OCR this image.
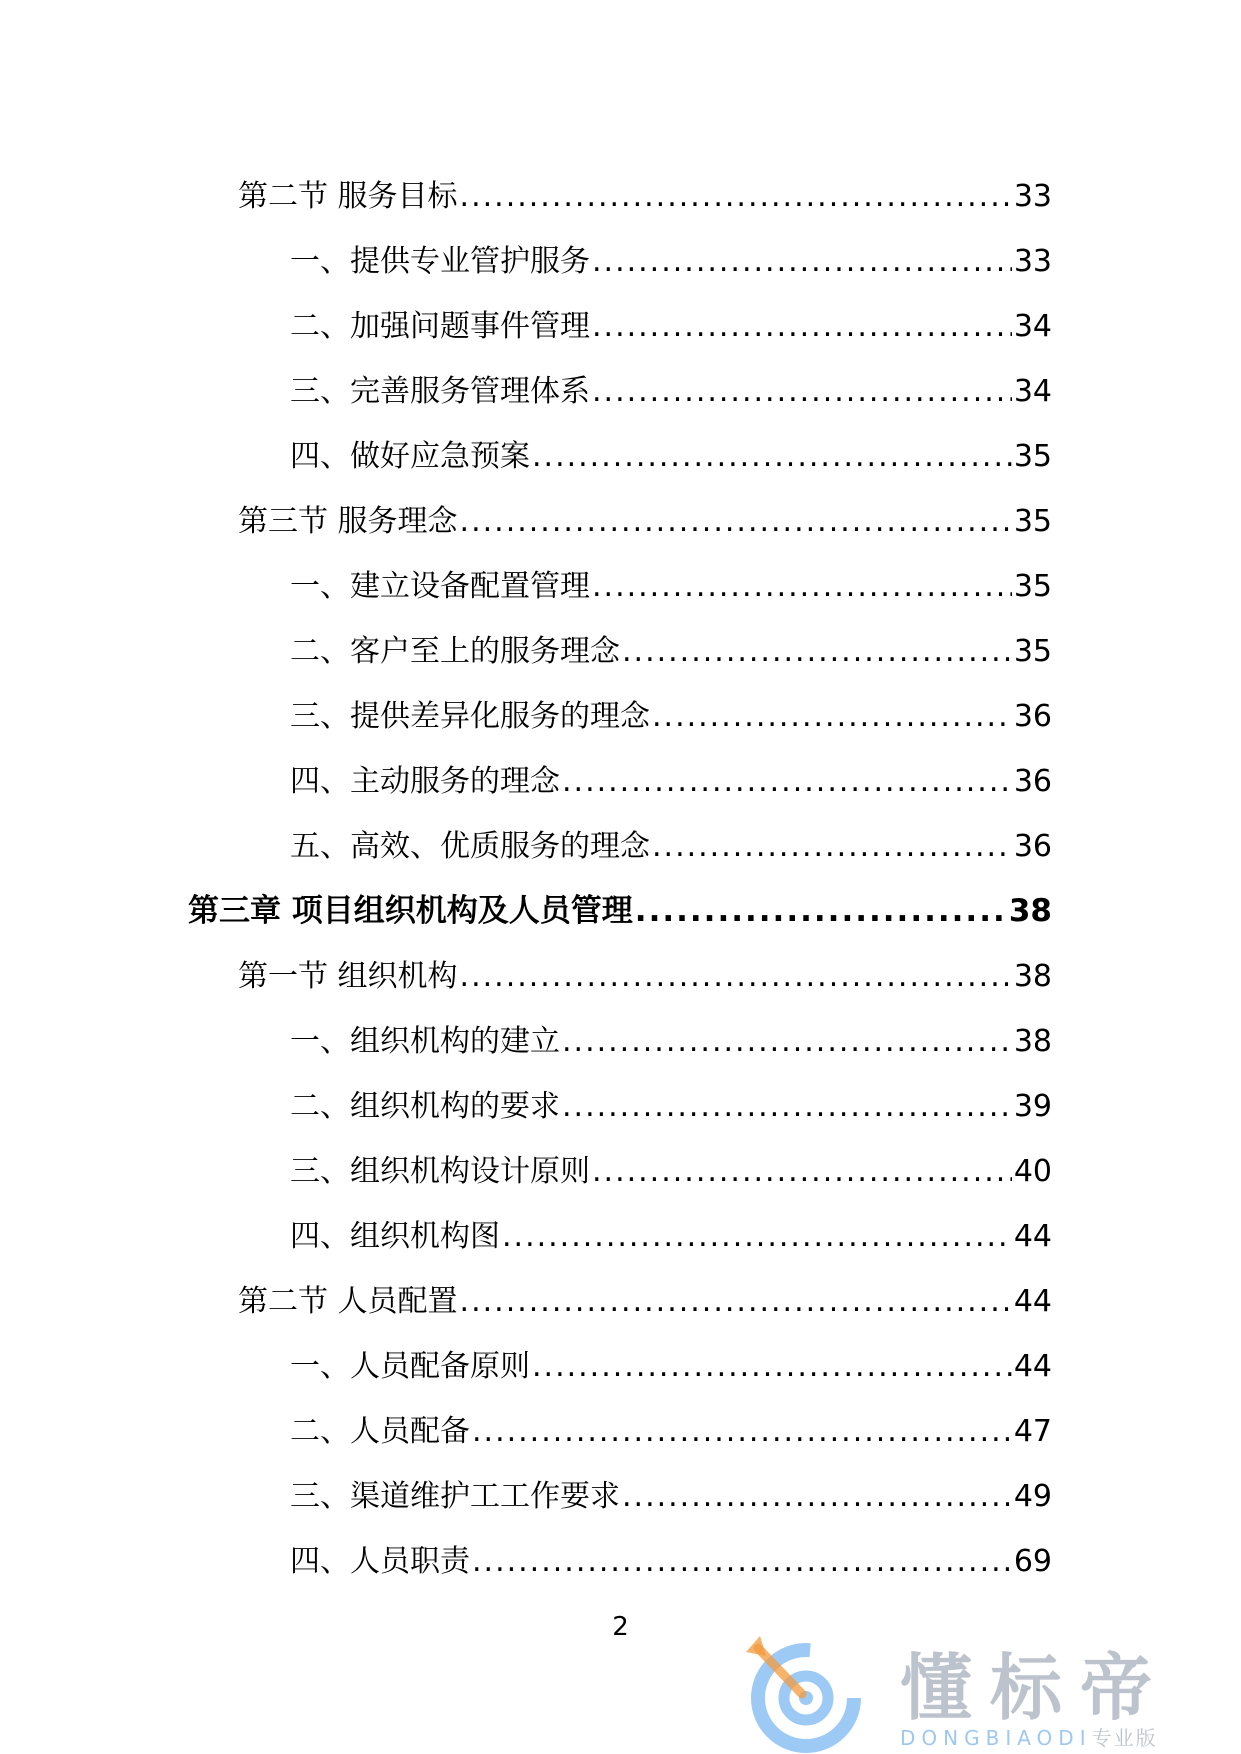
第二节 服务目标 .....	33
一、提供专业管护服务 .....	33
二、加强问题事件管理 .....	34
三、完善服务管理体系 .....	34
四、做好应急预案 .....	35
第三节 服务理念 .....	35
一、建立设备配置管理 .....	35
二、客户至上的服务理念 .....	35
三、提供差异化服务的理念 .....	36
四、主动服务的理念 .....	36
五、高效、优质服务的理念 .....	36
第三章 项目组织机构及人员管理 .....	38
第一节 组织机构 .....	38
一、组织机构的建立 .....	38
二、组织机构的要求 .....	39
三、组织机构设计原则 .....	40
四、组织机构图 .....	44
第二节 人员配置 .....	44
一、人员配备原则 .....	44
二、人员配备 .....	47
三、渠道维护工工作要求 .....	49
四、人员职责 .....	69
2
懂标帝
DONGBIAODI专业版
